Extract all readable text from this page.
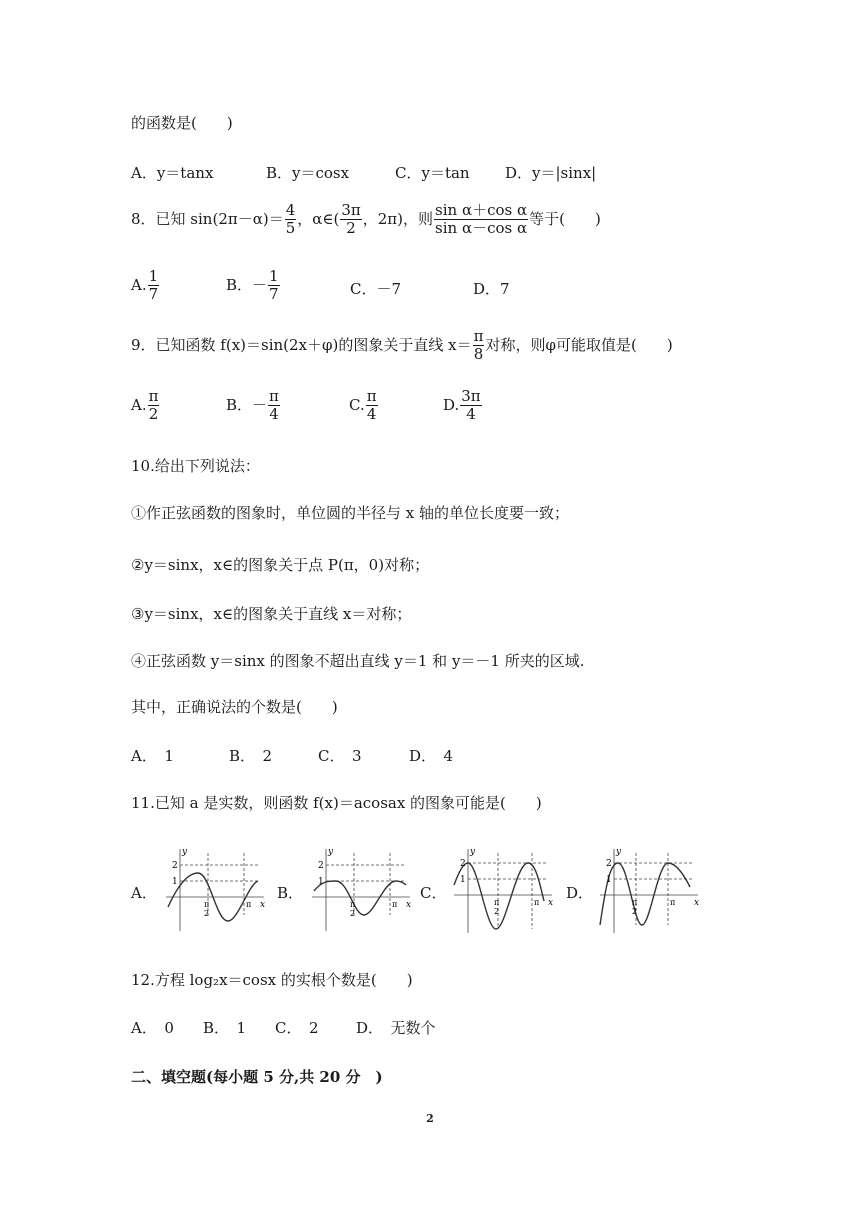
的函数是(　　)
A．y＝tanx	B．y＝cosx	C．y＝tan D．y＝|sinx|
8．已知 $\sin(2\pi-\alpha)= \frac{4}{5}$ ，α∈( $\frac{3\pi}{2}$ ，2π)，则 $\frac{\text{sin α＋cos α}}{\text{sin α－cos α}}$ 等于(　　)
A. $\frac{1}{7}$	B．－ $\frac{1}{7}$	C．－7	D．7
9．已知函数 f(x)＝sin(2x＋φ)的图象关于直线 $x= \frac{\pi}{8}$ 对称，则φ可能取值是(　　)
A. $\frac{\pi}{2}$	B．－ $\frac{\pi}{4}$	C. $\frac{\pi}{4}$	D. $\frac{3\pi}{4}$
10.给出下列说法：
①作正弦函数的图象时，单位圆的半径与 x 轴的单位长度要一致；
②y＝sinx，x∈的图象关于点 P(π，0)对称；
③y＝sinx，x∈的图象关于直线 x＝对称；
④正弦函数 y＝sinx 的图象不超出直线 y＝1 和 y＝－1 所夹的区域.
其中，正确说法的个数是(　　)
A．　1	B．　2	C．　3	D．　4
11.已知 a 是实数，则函数 f(x)＝acosax 的图象可能是(　　)
A．	B．	C．	D．
y
x
2
1
π
2
π
y
x
2
1
π
2
π
y
x
2
1
π
2
π
y
x
2
1
π
2
π
12.方程 log₂x＝cosx 的实根个数是(　　)
A．　0 B．　1 C．　2 D．　无数个
二、填空题(每小题 5 分,共 20 分　)
2
